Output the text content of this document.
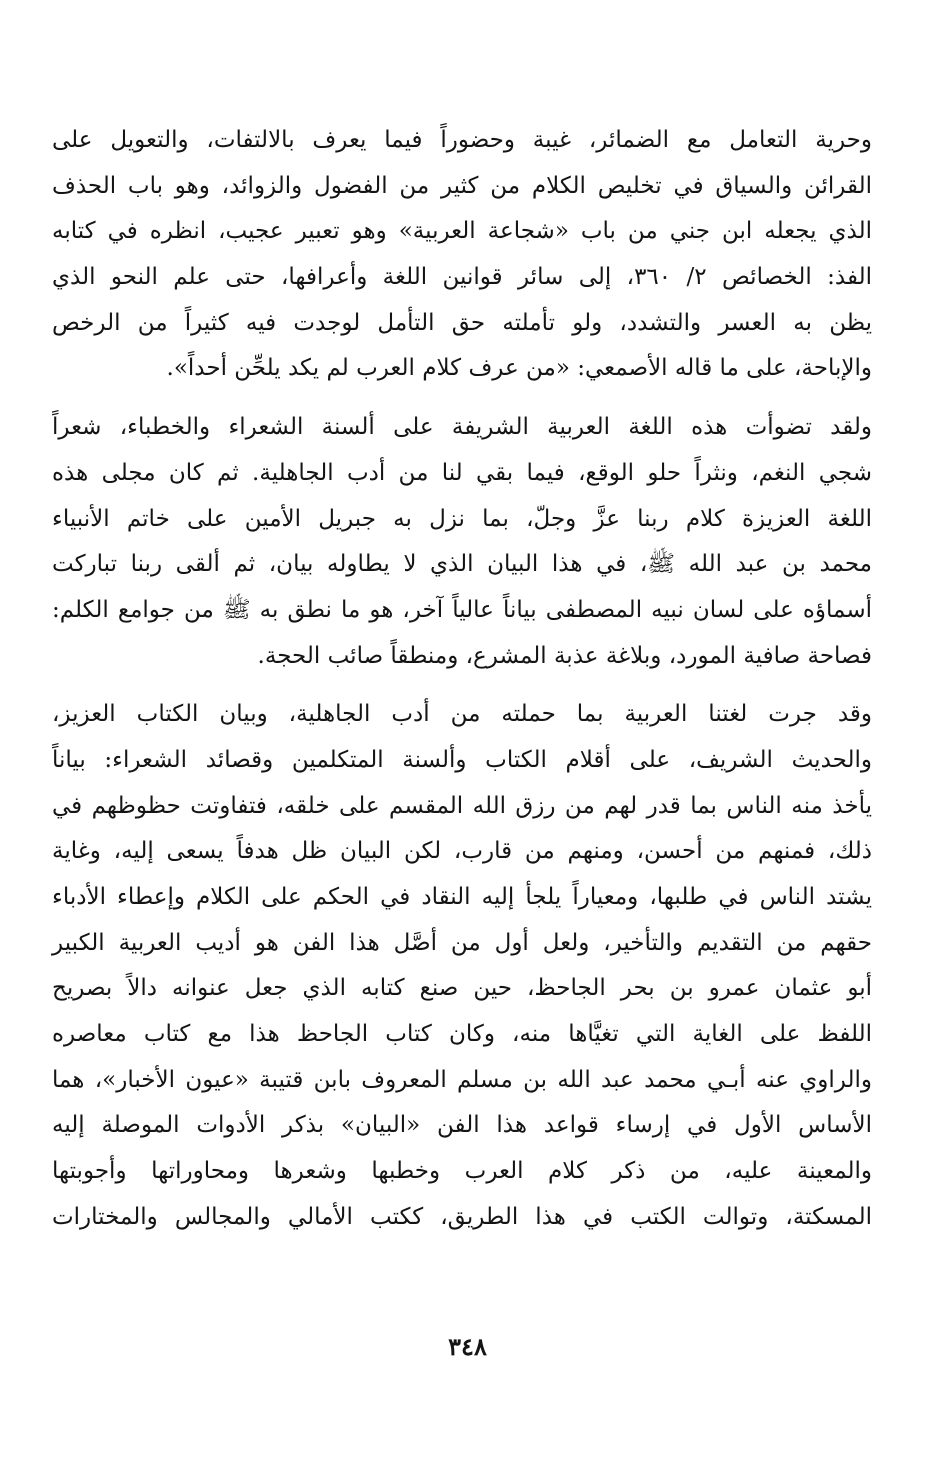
وحرية التعامل مع الضمائر، غيبة وحضوراً فيما يعرف بالالتفات، والتعويل على
القرائن والسياق في تخليص الكلام من كثير من الفضول والزوائد، وهو باب الحذف
الذي يجعله ابن جني من باب «شجاعة العربية» وهو تعبير عجيب، انظره في كتابه
الفذ: الخصائص ٢/ ٣٦٠، إلى سائر قوانين اللغة وأعرافها، حتى علم النحو الذي
يظن به العسر والتشدد، ولو تأملته حق التأمل لوجدت فيه كثيراً من الرخص
والإباحة، على ما قاله الأصمعي: «من عرف كلام العرب لم يكد يلحِّن أحداً».

ولقد تضوأت هذه اللغة العربية الشريفة على ألسنة الشعراء والخطباء، شعراً
شجي النغم، ونثراً حلو الوقع، فيما بقي لنا من أدب الجاهلية. ثم كان مجلى هذه
اللغة العزيزة كلام ربنا عزَّ وجلّ، بما نزل به جبريل الأمين على خاتم الأنبياء
محمد بن عبد الله ﷺ، في هذا البيان الذي لا يطاوله بيان، ثم ألقى ربنا تباركت
أسماؤه على لسان نبيه المصطفى بياناً عالياً آخر، هو ما نطق به ﷺ من جوامع الكلم:
فصاحة صافية المورد، وبلاغة عذبة المشرع، ومنطقاً صائب الحجة.

وقد جرت لغتنا العربية بما حملته من أدب الجاهلية، وبيان الكتاب العزيز،
والحديث الشريف، على أقلام الكتاب وألسنة المتكلمين وقصائد الشعراء: بياناً
يأخذ منه الناس بما قدر لهم من رزق الله المقسم على خلقه، فتفاوتت حظوظهم في
ذلك، فمنهم من أحسن، ومنهم من قارب، لكن البيان ظل هدفاً يسعى إليه، وغاية
يشتد الناس في طلبها، ومعياراً يلجأ إليه النقاد في الحكم على الكلام وإعطاء الأدباء
حقهم من التقديم والتأخير، ولعل أول من أصَّل هذا الفن هو أديب العربية الكبير
أبو عثمان عمرو بن بحر الجاحظ، حين صنع كتابه الذي جعل عنوانه دالاً بصريح
اللفظ على الغاية التي تغيَّاها منه، وكان كتاب الجاحظ هذا مع كتاب معاصره
والراوي عنه أبـي محمد عبد الله بن مسلم المعروف بابن قتيبة «عيون الأخبار»، هما
الأساس الأول في إرساء قواعد هذا الفن «البيان» بذكر الأدوات الموصلة إليه
والمعينة عليه، من ذكر كلام العرب وخطبها وشعرها ومحاوراتها وأجوبتها
المسكتة، وتوالت الكتب في هذا الطريق، ككتب الأمالي والمجالس والمختارات

٣٤٨
